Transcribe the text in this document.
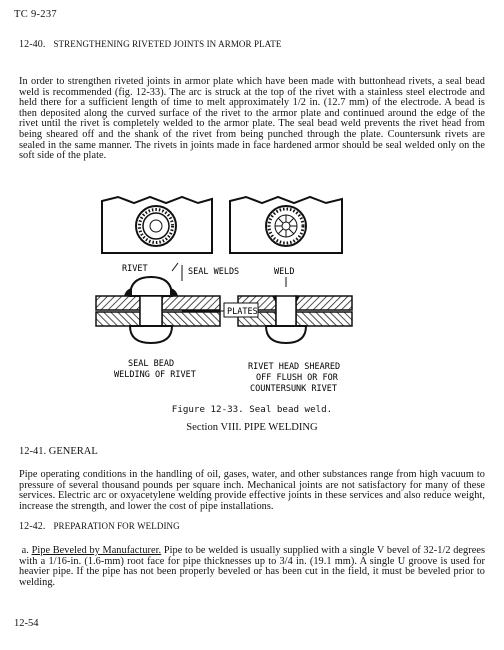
TC 9-237
12-40. STRENGTHENING RIVETED JOINTS IN ARMOR PLATE
In order to strengthen riveted joints in armor plate which have been made with buttonhead rivets, a seal bead weld is recommended (fig. 12-33). The arc is struck at the top of the rivet with a stainless steel electrode and held there for a sufficient length of time to melt approximately 1/2 in. (12.7 mm) of the electrode. A bead is then deposited along the curved surface of the rivet to the armor plate and continued around the edge of the rivet until the rivet is completely welded to the armor plate. The seal bead weld prevents the rivet head from being sheared off and the shank of the rivet from being punched through the plate. Countersunk rivets are sealed in the same manner. The rivets in joints made in face hardened armor should be seal welded only on the soft side of the plate.
RIVET	SEAL WELDS	WELD
PLATES
SEAL BEAD
WELDING OF RIVET
RIVET HEAD SHEARED
OFF FLUSH OR FOR
COUNTERSUNK RIVET
Figure 12-33. Seal bead weld.
Section VIII. PIPE WELDING
12-41. GENERAL
Pipe operating conditions in the handling of oil, gases, water, and other substances range from high vacuum to pressure of several thousand pounds per square inch. Mechanical joints are not satisfactory for many of these services. Electric arc or oxyacetylene welding provide effective joints in these services and also reduce weight, increase the strength, and lower the cost of pipe installations.
12-42. PREPARATION FOR WELDING
a. Pipe Beveled by Manufacturer. Pipe to be welded is usually supplied with a single V bevel of 32-1/2 degrees with a 1/16-in. (1.6-mm) root face for pipe thicknesses up to 3/4 in. (19.1 mm). A single U groove is used for heavier pipe. If the pipe has not been properly beveled or has been cut in the field, it must be beveled prior to welding.
12-54
